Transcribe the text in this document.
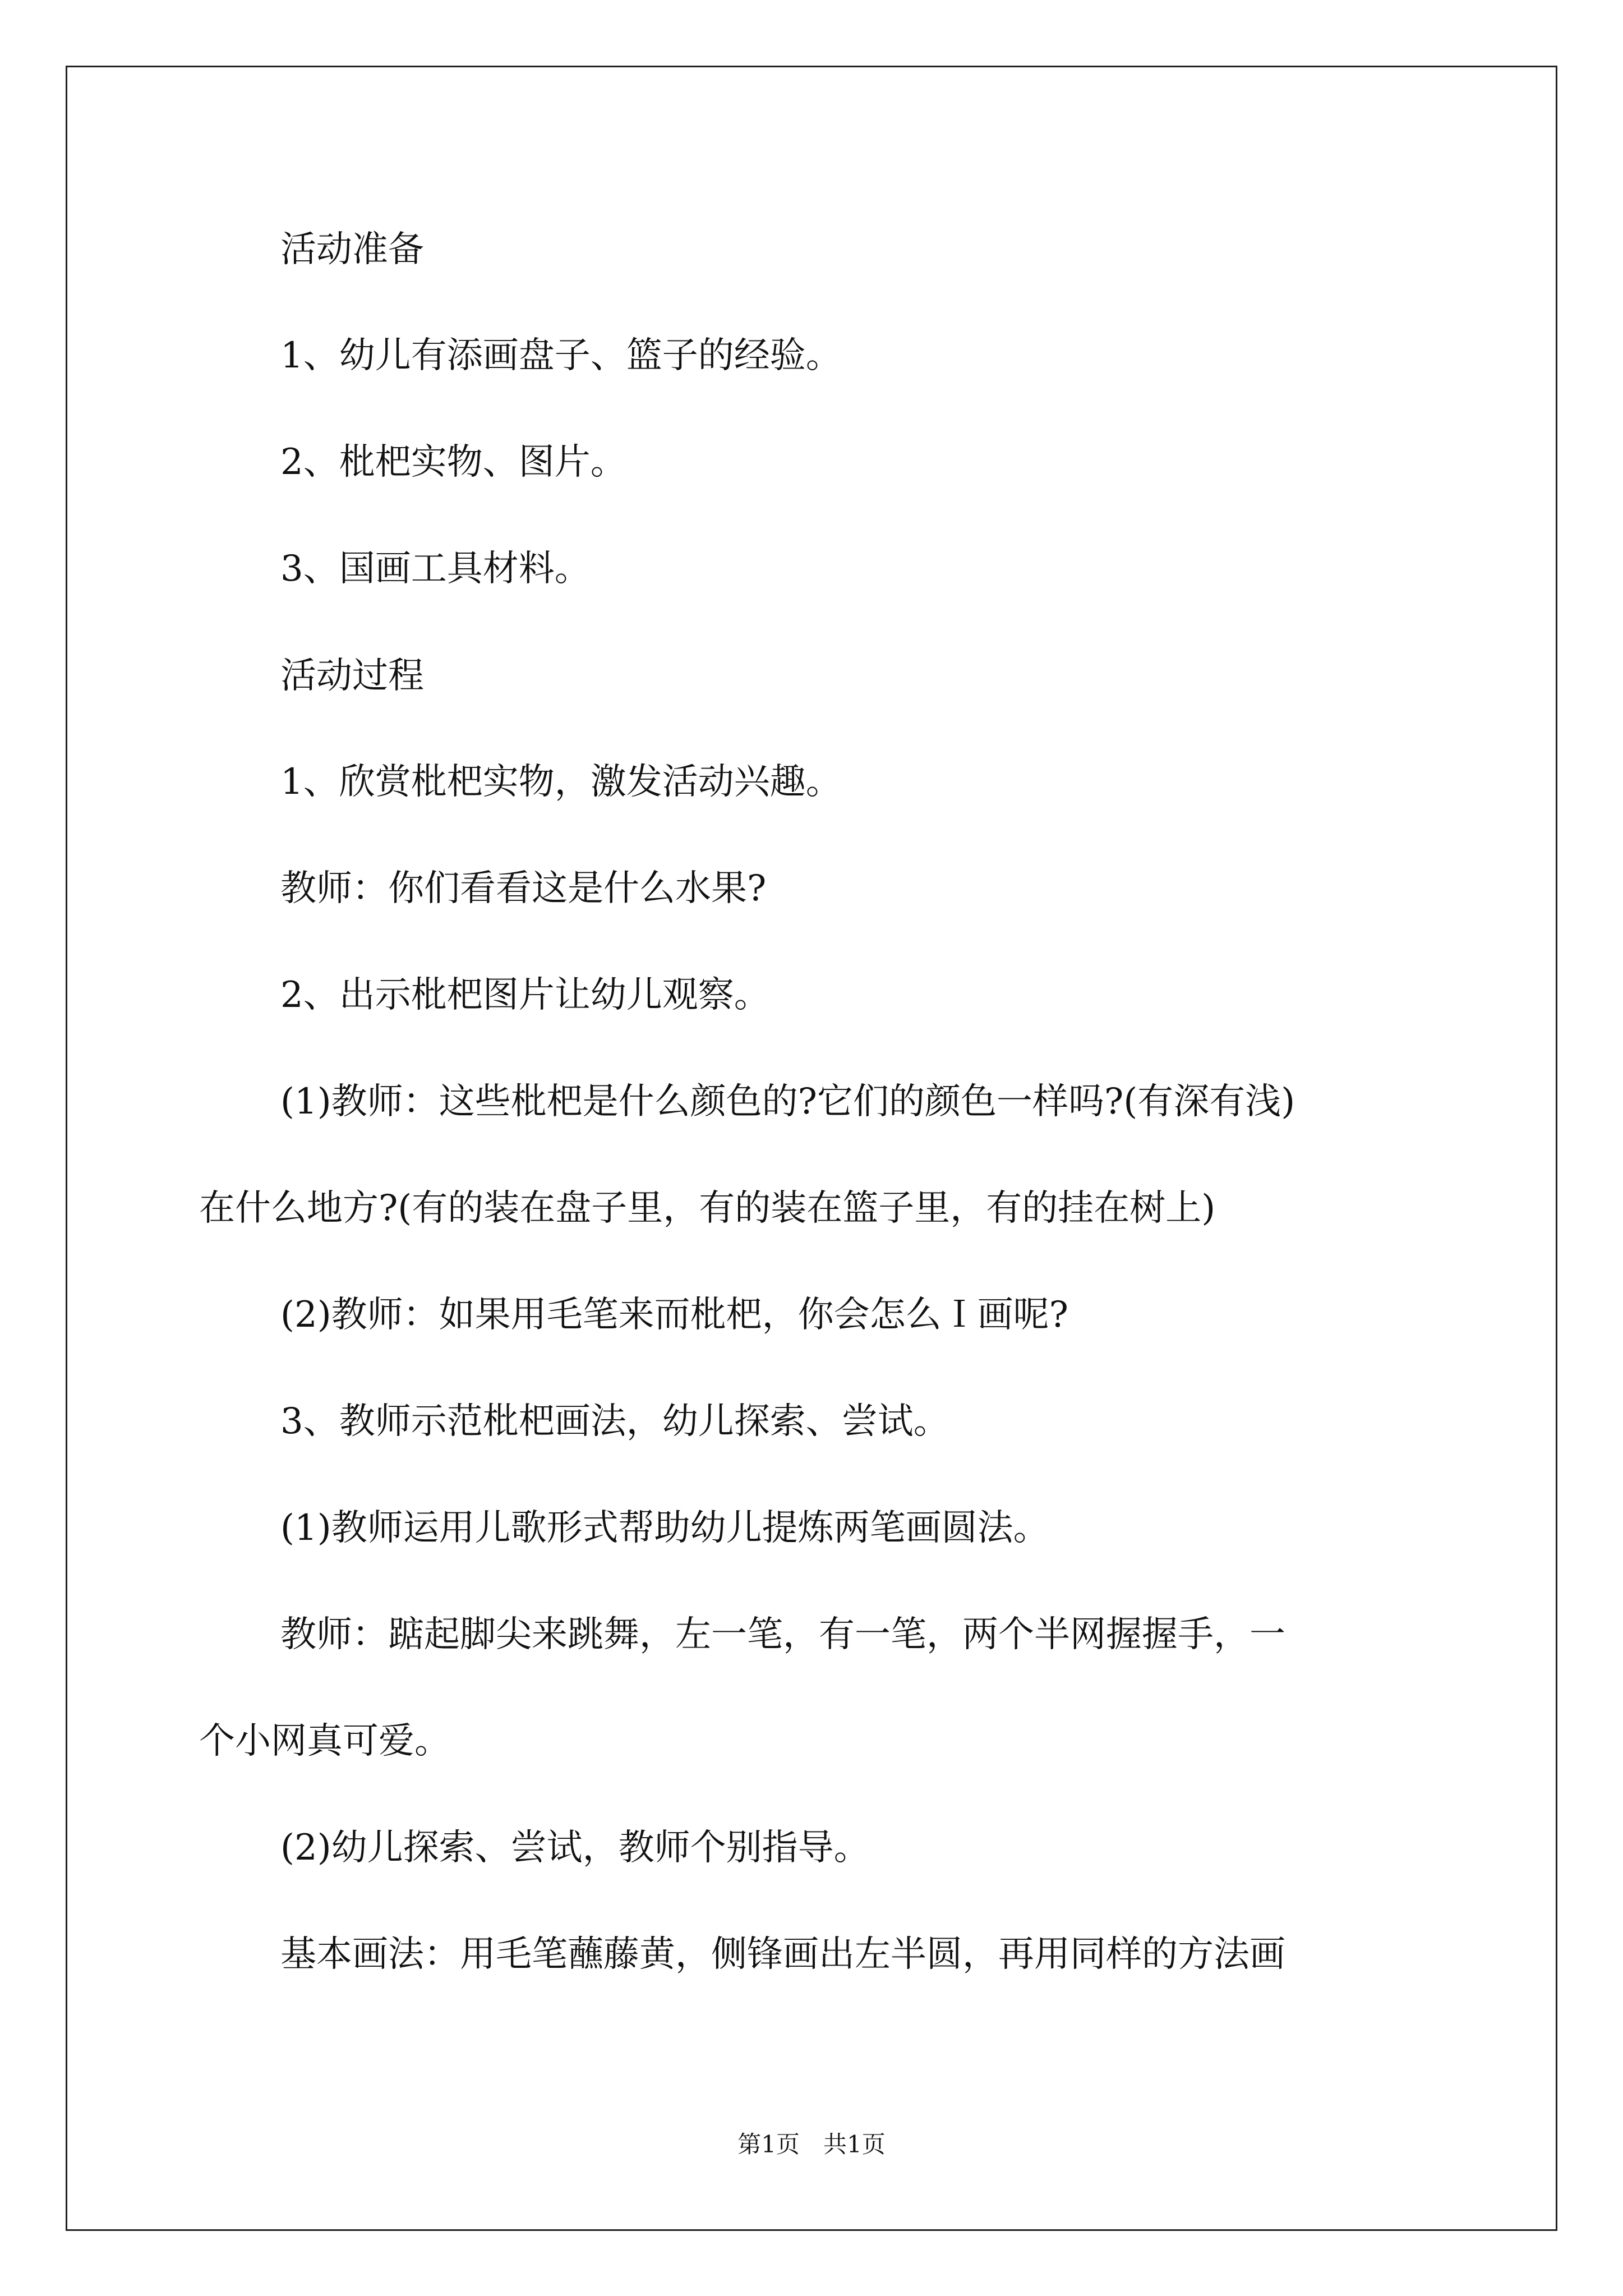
活动准备

1、幼儿有添画盘子、篮子的经验。

2、枇杷实物、图片。

3、国画工具材料。

活动过程

1、欣赏枇杷实物，激发活动兴趣。

教师：你们看看这是什么水果?

2、出示枇杷图片让幼儿观察。

(1)教师：这些枇杷是什么颜色的?它们的颜色一样吗?(有深有浅)

在什么地方?(有的装在盘子里，有的装在篮子里，有的挂在树上)

(2)教师：如果用毛笔来而枇杷，你会怎么Ｉ画呢?

3、教师示范枇杷画法，幼儿探索、尝试。

(1)教师运用儿歌形式帮助幼儿提炼两笔画圆法。

教师：踮起脚尖来跳舞，左一笔，有一笔，两个半网握握手，一

个小网真可爱。

(2)幼儿探索、尝试，教师个别指导。

基本画法：用毛笔蘸藤黄，侧锋画出左半圆，再用同样的方法画

第1页　共1页
